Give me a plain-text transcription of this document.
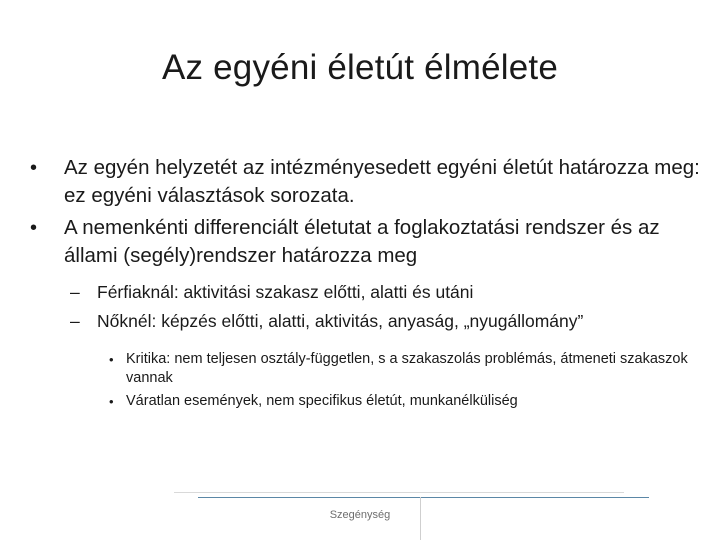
Az egyéni életút élmélete
•	Az egyén helyzetét az intézményesedett egyéni életút határozza meg: ez egyéni választások sorozata.
•	A nemenkénti differenciált életutat a foglakoztatási rendszer és az állami (segély)rendszer határozza meg
– Férfiaknál: aktivitási szakasz előtti, alatti és utáni
– Nőknél: képzés előtti, alatti, aktivitás, anyaság, „nyugállomány”
• Kritika: nem teljesen osztály-független, s a szakaszolás problémás, átmeneti szakaszok vannak
• Váratlan események, nem specifikus életút, munkanélküliség
Szegénység
